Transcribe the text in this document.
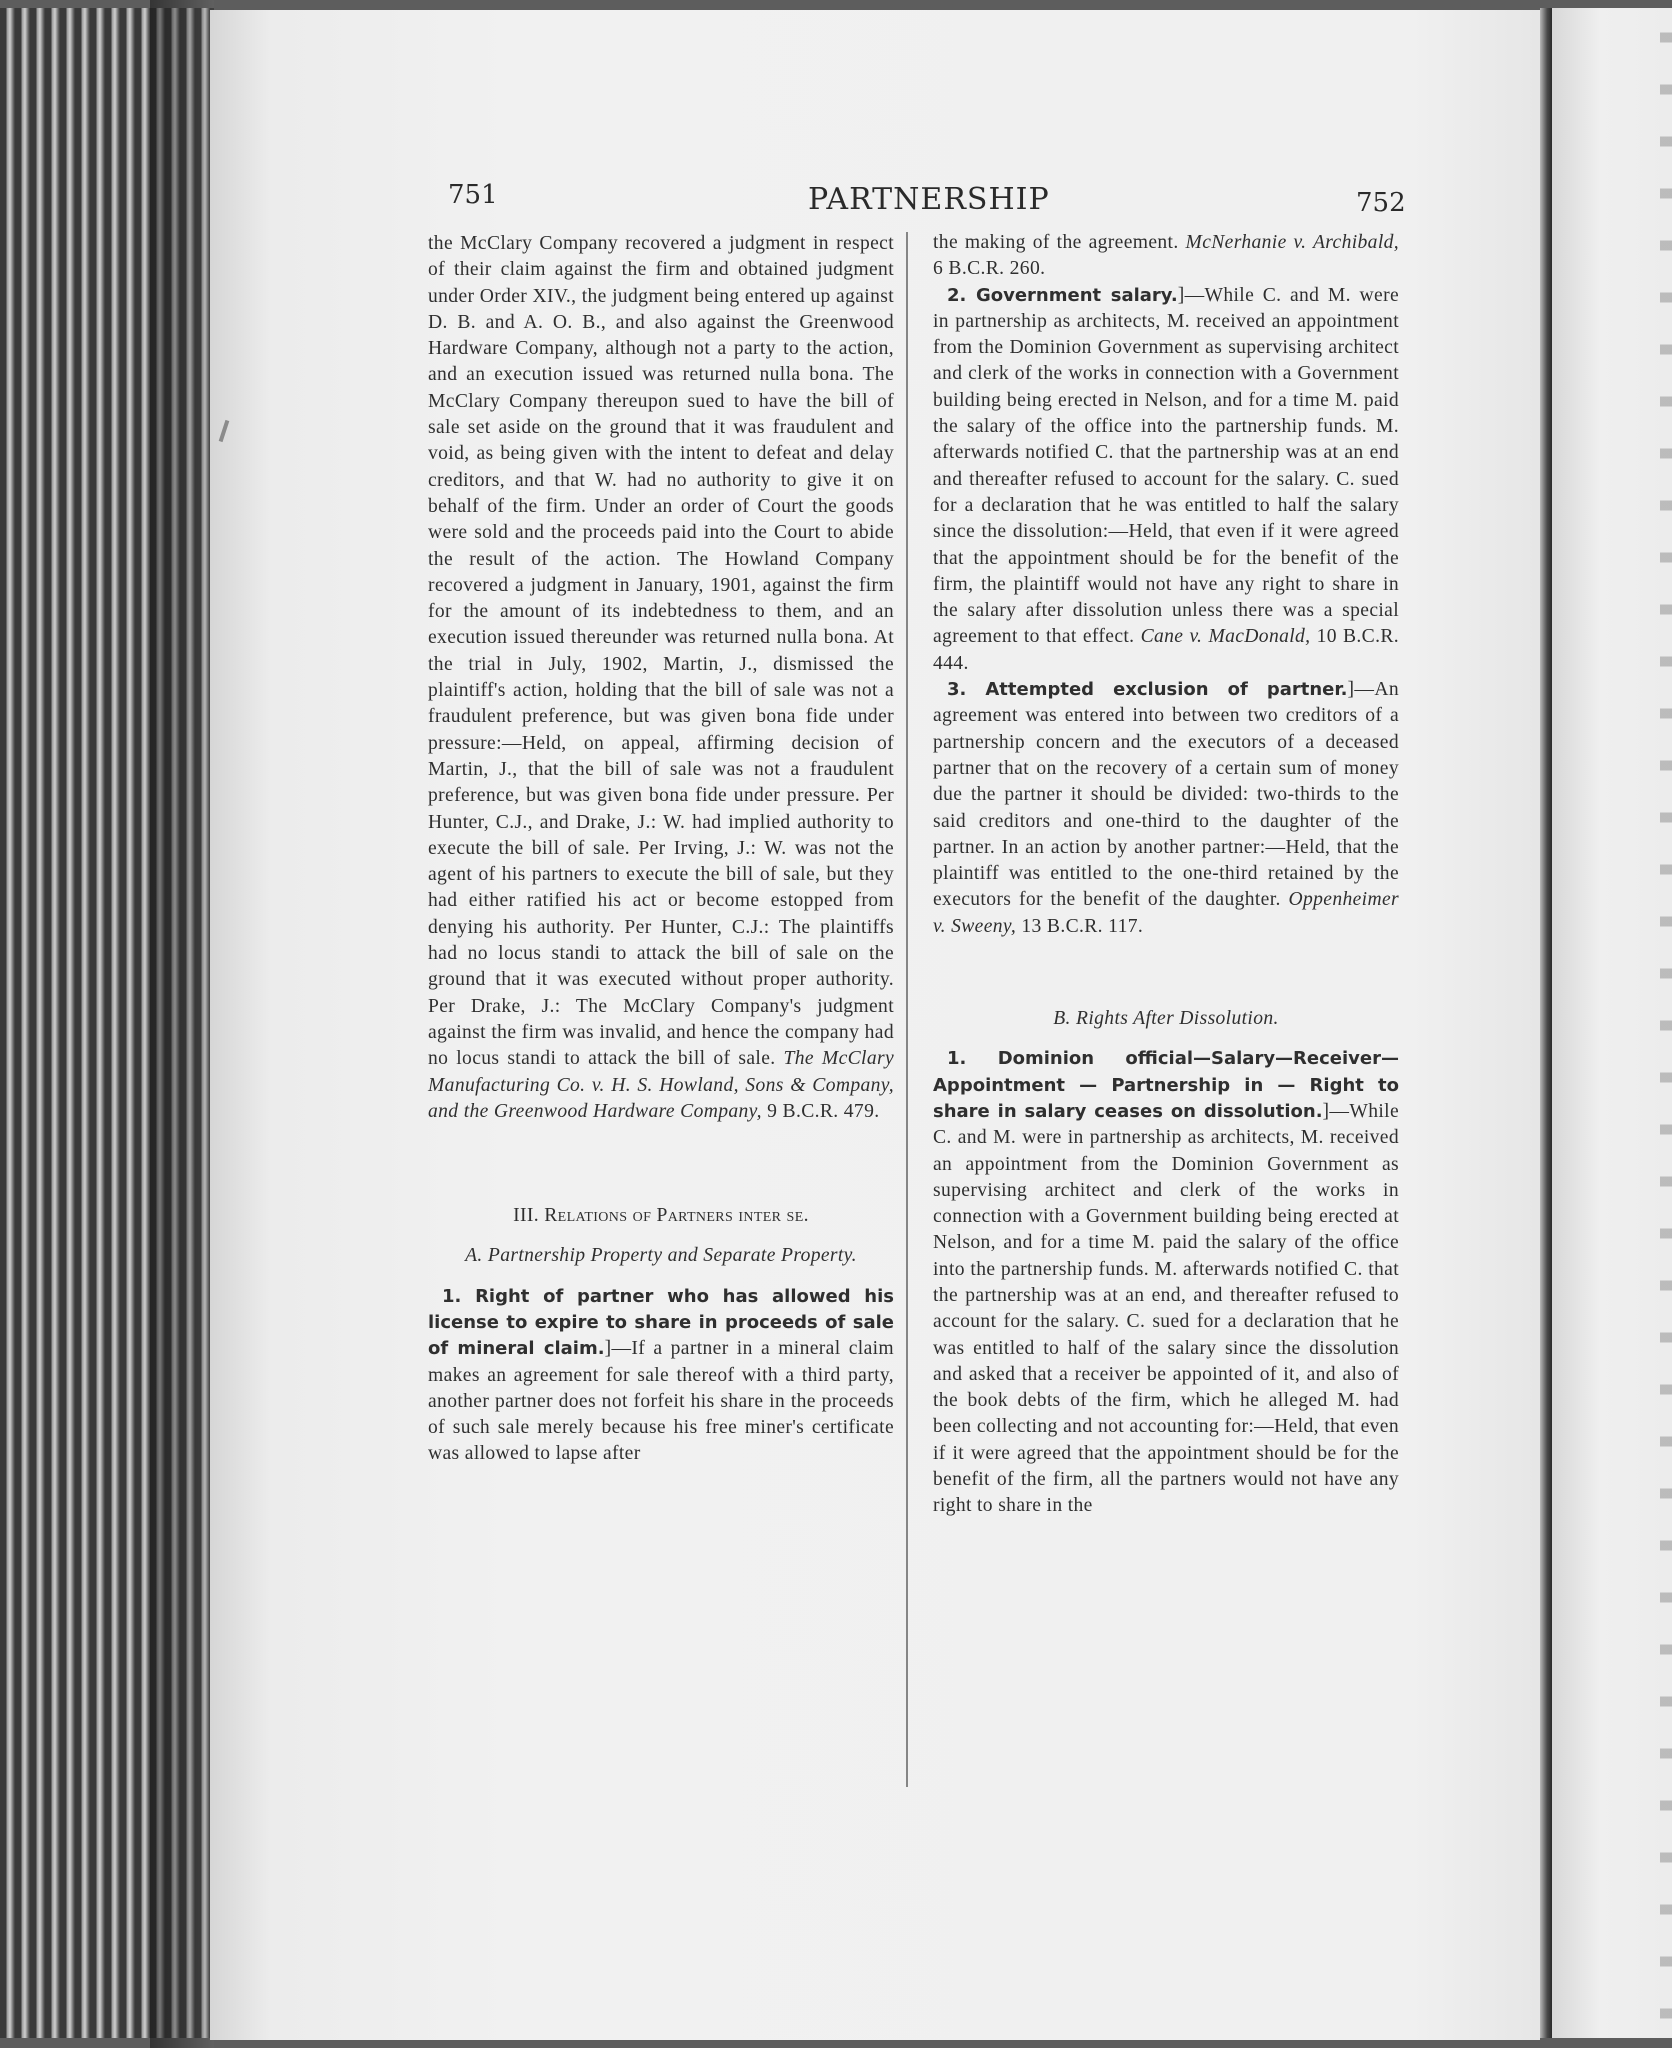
751	PARTNERSHIP	752

the McClary Company recovered a judgment in respect of their claim against the firm and obtained judgment under Order XIV., the judgment being entered up against D. B. and A. O. B., and also against the Greenwood Hardware Company, although not a party to the action, and an execution issued was returned nulla bona. The McClary Company thereupon sued to have the bill of sale set aside on the ground that it was fraudulent and void, as being given with the intent to defeat and delay creditors, and that W. had no authority to give it on behalf of the firm. Under an order of Court the goods were sold and the proceeds paid into the Court to abide the result of the action. The Howland Company recovered a judgment in January, 1901, against the firm for the amount of its indebtedness to them, and an execution issued thereunder was returned nulla bona. At the trial in July, 1902, Martin, J., dismissed the plaintiff's action, holding that the bill of sale was not a fraudulent preference, but was given bona fide under pressure:—Held, on appeal, affirming decision of Martin, J., that the bill of sale was not a fraudulent preference, but was given bona fide under pressure. Per Hunter, C.J., and Drake, J.: W. had implied authority to execute the bill of sale. Per Irving, J.: W. was not the agent of his partners to execute the bill of sale, but they had either ratified his act or become estopped from denying his authority. Per Hunter, C.J.: The plaintiffs had no locus standi to attack the bill of sale on the ground that it was executed without proper authority. Per Drake, J.: The McClary Company's judgment against the firm was invalid, and hence the company had no locus standi to attack the bill of sale. The McClary Manufacturing Co. v. H. S. Howland, Sons & Company, and the Greenwood Hardware Company, 9 B.C.R. 479.

III. Relations of Partners inter se.

A. Partnership Property and Separate Property.

1. Right of partner who has allowed his license to expire to share in proceeds of sale of mineral claim.]—If a partner in a mineral claim makes an agreement for sale thereof with a third party, another partner does not forfeit his share in the proceeds of such sale merely because his free miner's certificate was allowed to lapse after

the making of the agreement. McNerhanie v. Archibald, 6 B.C.R. 260.

2. Government salary.]—While C. and M. were in partnership as architects, M. received an appointment from the Dominion Government as supervising architect and clerk of the works in connection with a Government building being erected in Nelson, and for a time M. paid the salary of the office into the partnership funds. M. afterwards notified C. that the partnership was at an end and thereafter refused to account for the salary. C. sued for a declaration that he was entitled to half the salary since the dissolution:—Held, that even if it were agreed that the appointment should be for the benefit of the firm, the plaintiff would not have any right to share in the salary after dissolution unless there was a special agreement to that effect. Cane v. MacDonald, 10 B.C.R. 444.

3. Attempted exclusion of partner.]—An agreement was entered into between two creditors of a partnership concern and the executors of a deceased partner that on the recovery of a certain sum of money due the partner it should be divided: two-thirds to the said creditors and one-third to the daughter of the partner. In an action by another partner:—Held, that the plaintiff was entitled to the one-third retained by the executors for the benefit of the daughter. Oppenheimer v. Sweeny, 13 B.C.R. 117.

B. Rights After Dissolution.

1. Dominion official—Salary—Receiver—Appointment — Partnership in — Right to share in salary ceases on dissolution.]—While C. and M. were in partnership as architects, M. received an appointment from the Dominion Government as supervising architect and clerk of the works in connection with a Government building being erected at Nelson, and for a time M. paid the salary of the office into the partnership funds. M. afterwards notified C. that the partnership was at an end, and thereafter refused to account for the salary. C. sued for a declaration that he was entitled to half of the salary since the dissolution and asked that a receiver be appointed of it, and also of the book debts of the firm, which he alleged M. had been collecting and not accounting for:—Held, that even if it were agreed that the appointment should be for the benefit of the firm, all the partners would not have any right to share in the
